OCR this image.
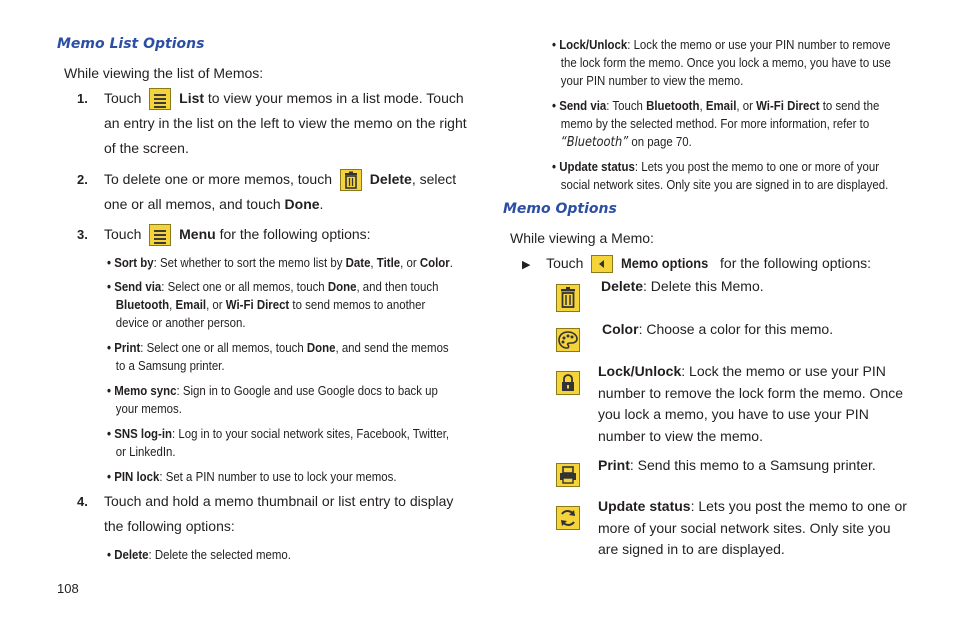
Memo List Options
While viewing the list of Memos:
1. Touch	List to view your memos in a list mode. Touch
an entry in the list on the left to view the memo on the right
of the screen.
2. To delete one or more memos, touch	Delete, select
one or all memos, and touch Done.
3. Touch	Menu for the following options:
• Sort by: Set whether to sort the memo list by Date, Title, or Color.
• Send via: Select one or all memos, touch Done, and then touch
Bluetooth, Email, or Wi-Fi Direct to send memos to another
device or another person.
• Print: Select one or all memos, touch Done, and send the memos
to a Samsung printer.
• Memo sync: Sign in to Google and use Google docs to back up
your memos.
• SNS log-in: Log in to your social network sites, Facebook, Twitter,
or LinkedIn.
• PIN lock: Set a PIN number to use to lock your memos.
4. Touch and hold a memo thumbnail or list entry to display
the following options:
• Delete: Delete the selected memo.
108
• Lock/Unlock: Lock the memo or use your PIN number to remove
the lock form the memo. Once you lock a memo, you have to use
your PIN number to view the memo.
• Send via: Touch Bluetooth, Email, or Wi-Fi Direct to send the
memo by the selected method. For more information, refer to
“Bluetooth” on page 70.
• Update status: Lets you post the memo to one or more of your
social network sites. Only site you are signed in to are displayed.
Memo Options
While viewing a Memo:
▶ Touch	Memo options for the following options:
Delete: Delete this Memo.
Color: Choose a color for this memo.
Lock/Unlock: Lock the memo or use your PIN
number to remove the lock form the memo. Once
you lock a memo, you have to use your PIN
number to view the memo.
Print: Send this memo to a Samsung printer.
Update status: Lets you post the memo to one or
more of your social network sites. Only site you
are signed in to are displayed.
